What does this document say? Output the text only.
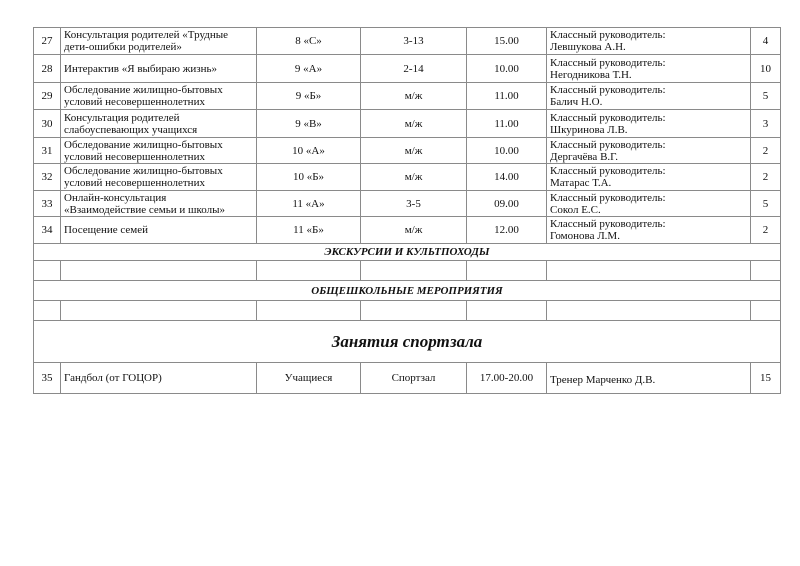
27	Консультация родителей «Трудные
дети-ошибки родителей»	8 «С»	3-13	15.00	Классный руководитель:
Левшукова А.Н.	4
28	Интерактив «Я выбираю жизнь»	9 «А»	2-14	10.00	Классный руководитель:
Негодникова Т.Н.	10
29	Обследование жилищно-бытовых
условий несовершеннолетних	9 «Б»	м/ж	11.00	Классный руководитель:
Балич Н.О.	5
30	Консультация родителей
слабоуспевающих учащихся	9 «В»	м/ж	11.00	Классный руководитель:
Шкуринова Л.В.	3
31	Обследование жилищно-бытовых
условий несовершеннолетних	10 «А»	м/ж	10.00	Классный руководитель:
Дергачёва В.Г.	2
32	Обследование жилищно-бытовых
условий несовершеннолетних	10 «Б»	м/ж	14.00	Классный руководитель:
Матарас Т.А.	2
33	Онлайн-консультация
«Взаимодействие семьи и школы»	11 «А»	3-5	09.00	Классный руководитель:
Сокол Е.С.	5
34	Посещение семей	11 «Б»	м/ж	12.00	Классный руководитель:
Гомонова Л.М.	2
ЭКСКУРСИИ И КУЛЬТПОХОДЫ						

ОБЩЕШКОЛЬНЫЕ МЕРОПРИЯТИЯ						

Занятия спортзала						
35	Гандбол (от ГОЦОР)	Учащиеся	Спортзал	17.00-20.00	Тренер Марченко Д.В.	15
